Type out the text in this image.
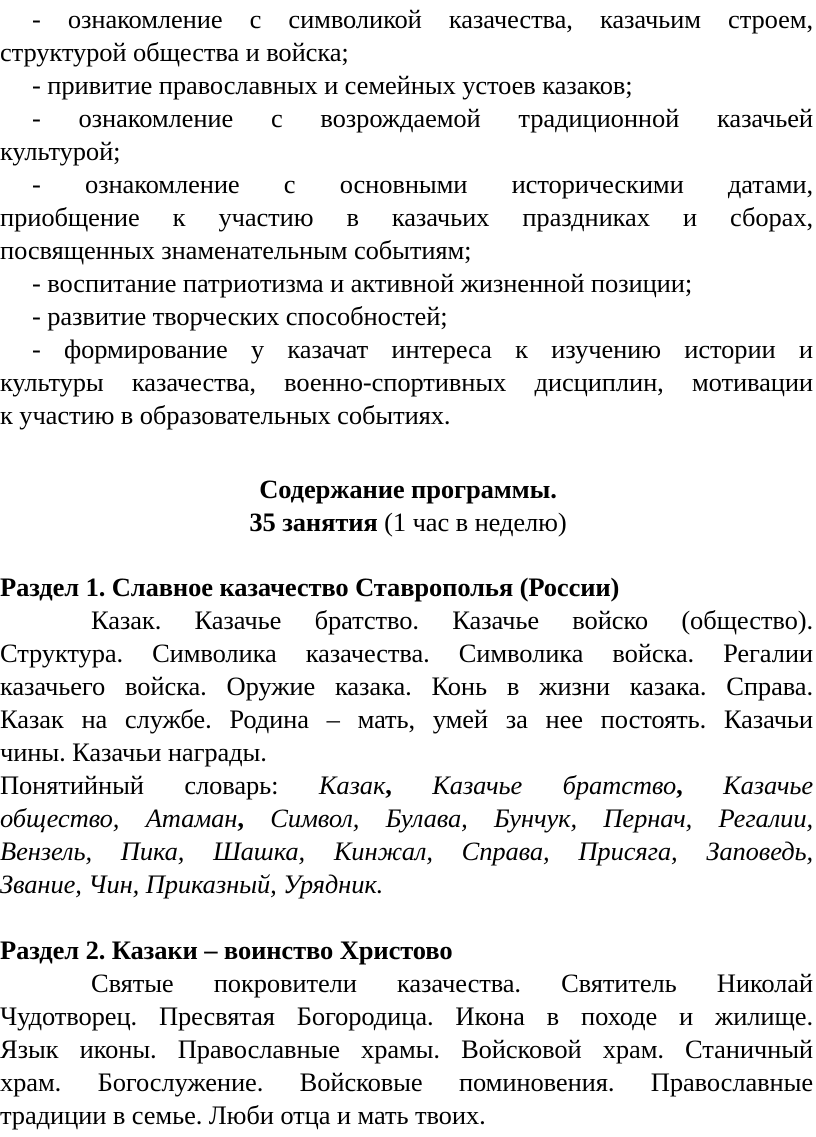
- ознакомление с символикой казачества, казачьим строем,
структурой общества и войска;
- привитие православных и семейных устоев казаков;
- ознакомление с возрождаемой традиционной казачьей
культурой;
- ознакомление с основными историческими датами,
приобщение к участию в казачьих праздниках и сборах,
посвященных знаменательным событиям;
- воспитание патриотизма и активной жизненной позиции;
- развитие творческих способностей;
- формирование у казачат интереса к изучению истории и
культуры казачества, военно-спортивных дисциплин, мотивации
к участию в образовательных событиях.
Содержание программы.
35 занятия (1 час в неделю)
Раздел 1. Славное казачество Ставрополья (России)
Казак. Казачье братство. Казачье войско (общество).
Структура. Символика казачества. Символика войска. Регалии
казачьего войска. Оружие казака. Конь в жизни казака. Справа.
Казак на службе. Родина – мать, умей за нее постоять. Казачьи
чины. Казачьи награды.
Понятийный словарь: Казак, Казачье братство, Казачье
общество, Атаман, Символ, Булава, Бунчук, Пернач, Регалии,
Вензель, Пика, Шашка, Кинжал, Справа, Присяга, Заповедь,
Звание, Чин, Приказный, Урядник.
Раздел 2. Казаки – воинство Христово
Святые покровители казачества. Святитель Николай
Чудотворец. Пресвятая Богородица. Икона в походе и жилище.
Язык иконы. Православные храмы. Войсковой храм. Станичный
храм. Богослужение. Войсковые поминовения. Православные
традиции в семье. Люби отца и мать твоих.
